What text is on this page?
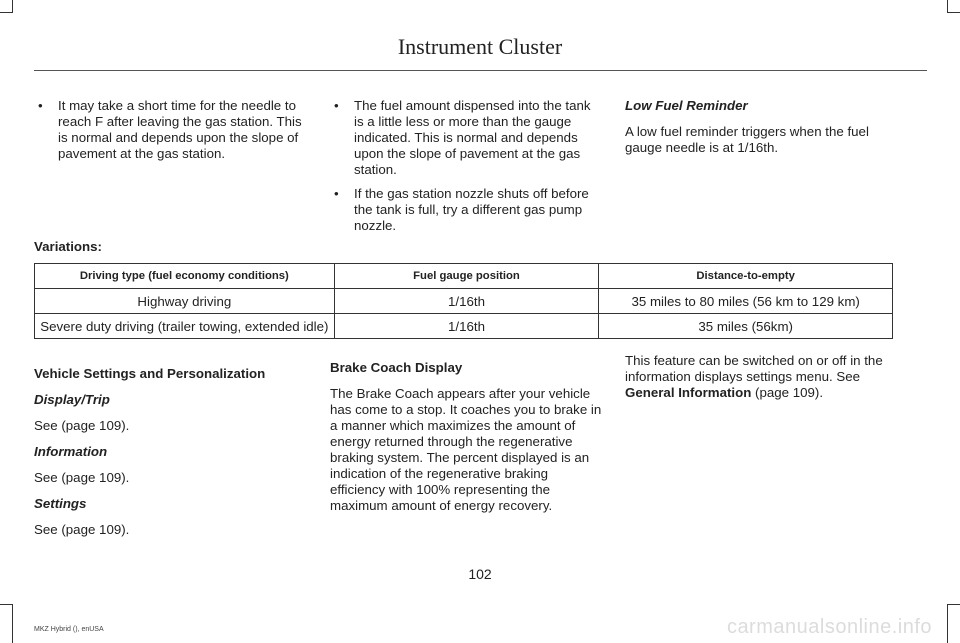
Instrument Cluster
• It may take a short time for the needle to reach F after leaving the gas station. This is normal and depends upon the slope of pavement at the gas station.
• The fuel amount dispensed into the tank is a little less or more than the gauge indicated. This is normal and depends upon the slope of pavement at the gas station.
• If the gas station nozzle shuts off before the tank is full, try a different gas pump nozzle.
Low Fuel Reminder

A low fuel reminder triggers when the fuel gauge needle is at 1/16th.

Variations:
Driving type (fuel economy conditions)	Fuel gauge position	Distance-to-empty
Highway driving	1/16th	35 miles to 80 miles (56 km to 129 km)
Severe duty driving (trailer towing, extended idle)	1/16th	35 miles (56km)
Vehicle Settings and Personalization
Display/Trip

See (page 109).

Information

See (page 109).

Settings

See (page 109).

Brake Coach Display

The Brake Coach appears after your vehicle has come to a stop. It coaches you to brake in a manner which maximizes the amount of energy returned through the regenerative braking system. The percent displayed is an indication of the regenerative braking efficiency with 100% representing the maximum amount of energy recovery.

This feature can be switched on or off in the information displays settings menu. See General Information (page 109).

102
MKZ Hybrid (), enUSA	carmanualsonline.info
